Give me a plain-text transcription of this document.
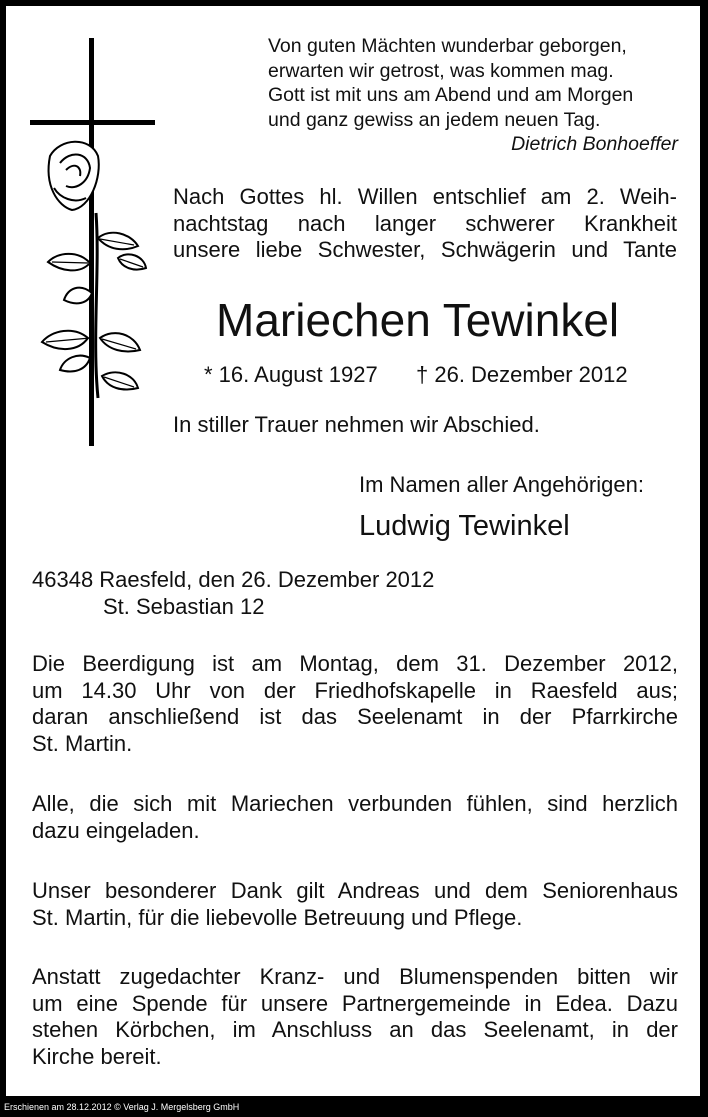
Von guten Mächten wunderbar geborgen,
erwarten wir getrost, was kommen mag.
Gott ist mit uns am Abend und am Morgen
und ganz gewiss an jedem neuen Tag.
Dietrich Bonhoeffer
Nach Gottes hl. Willen entschlief am 2. Weih-
nachtstag nach langer schwerer Krankheit
unsere liebe Schwester, Schwägerin und Tante
Mariechen Tewinkel
* 16. August 1927 † 26. Dezember 2012
In stiller Trauer nehmen wir Abschied.
Im Namen aller Angehörigen:
Ludwig Tewinkel
46348 Raesfeld, den 26. Dezember 2012
St. Sebastian 12
Die Beerdigung ist am Montag, dem 31. Dezember 2012,
um 14.30 Uhr von der Friedhofskapelle in Raesfeld aus;
daran anschließend ist das Seelenamt in der Pfarrkirche
St. Martin.
Alle, die sich mit Mariechen verbunden fühlen, sind herzlich
dazu eingeladen.
Unser besonderer Dank gilt Andreas und dem Seniorenhaus
St. Martin, für die liebevolle Betreuung und Pflege.
Anstatt zugedachter Kranz- und Blumenspenden bitten wir
um eine Spende für unsere Partnergemeinde in Edea. Dazu
stehen Körbchen, im Anschluss an das Seelenamt, in der
Kirche bereit.
Erschienen am 28.12.2012 © Verlag J. Mergelsberg GmbH
